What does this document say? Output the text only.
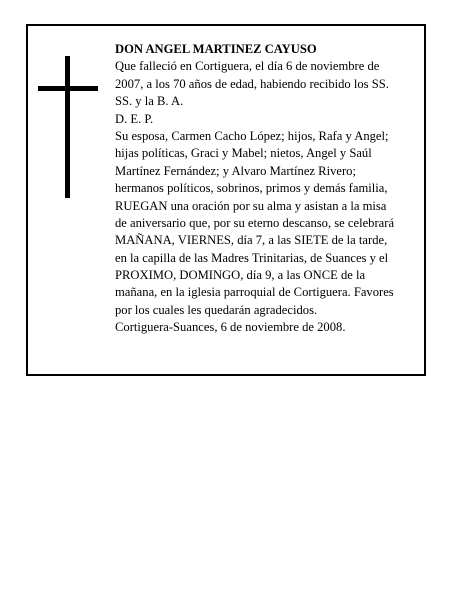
DON ANGEL MARTINEZ CAYUSO
Que falleció en Cortiguera, el día 6 de noviembre de
2007, a los 70 años de edad, habiendo recibido los SS.
SS. y la B. A.
D. E. P.
Su esposa, Carmen Cacho López; hijos, Rafa y Angel;
hijas políticas, Graci y Mabel; nietos, Angel y Saúl
Martínez Fernández; y Alvaro Martínez Rivero;
hermanos políticos, sobrinos, primos y demás familia,
RUEGAN una oración por su alma y asistan a la misa
de aniversario que, por su eterno descanso, se celebrará
MAÑANA, VIERNES, día 7, a las SIETE de la tarde,
en la capilla de las Madres Trinitarias, de Suances y el
PROXIMO, DOMINGO, día 9, a las ONCE de la
mañana, en la iglesia parroquial de Cortiguera. Favores
por los cuales les quedarán agradecidos.
Cortiguera-Suances, 6 de noviembre de 2008.
